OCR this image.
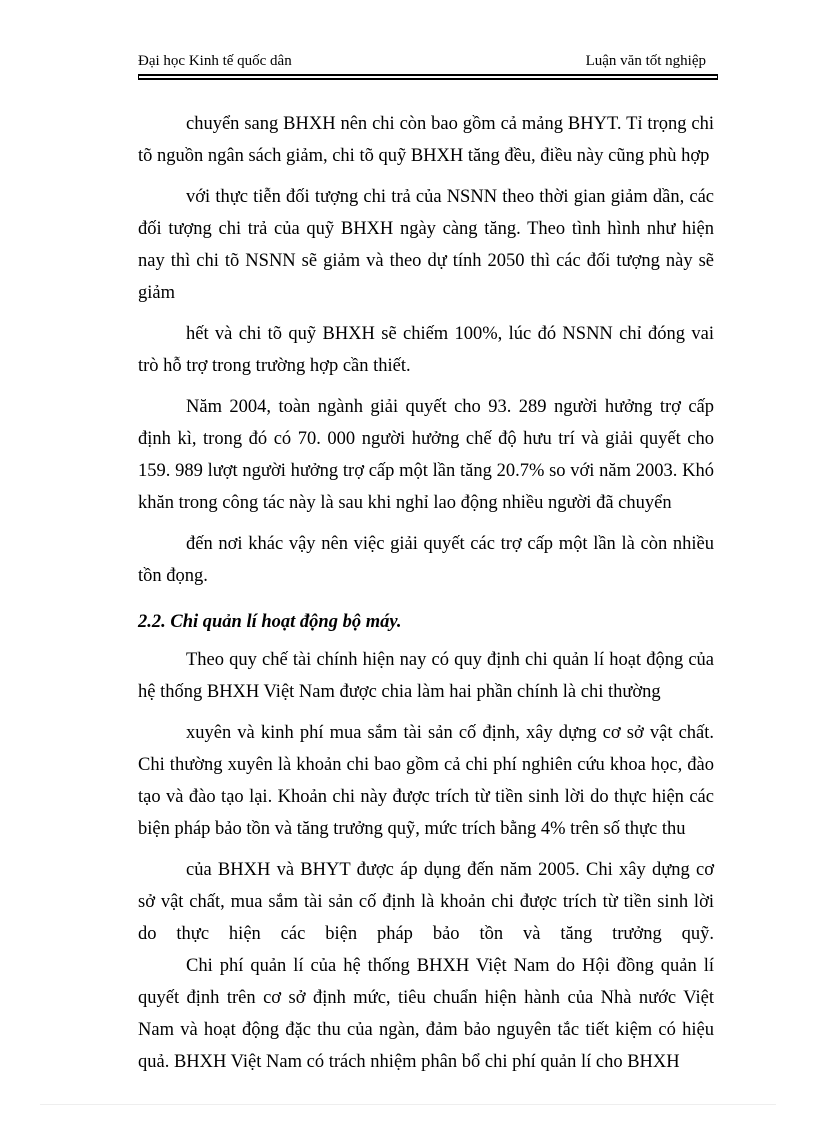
Đại học Kinh tế quốc dân	Luận văn tốt nghiệp

chuyển sang BHXH nên chi còn bao gồm cả mảng BHYT. Tỉ trọng chi tõ nguồn ngân sách giảm, chi tõ quỹ BHXH tăng đều, điều này cũng phù hợp

với thực tiễn đối tượng chi trả của NSNN theo thời gian giảm dần, các đối tượng chi trả của quỹ BHXH ngày càng tăng. Theo tình hình như hiện nay thì chi tõ NSNN sẽ giảm và theo dự tính 2050 thì các đối tượng này sẽ giảm

hết và chi tõ quỹ BHXH sẽ chiếm 100%, lúc đó NSNN chỉ đóng vai trò hỗ trợ trong trường hợp cần thiết.

Năm 2004, toàn ngành giải quyết cho 93. 289 người hưởng trợ cấp định kì, trong đó có 70. 000 người hưởng chế độ hưu trí và giải quyết cho 159. 989 lượt người hưởng trợ cấp một lần tăng 20.7% so với năm 2003. Khó khăn trong công tác này là sau khi nghỉ lao động nhiều người đã chuyển

đến nơi khác vậy nên việc giải quyết các trợ cấp một lần là còn nhiều tồn đọng.

2.2. Chi quản lí hoạt động bộ máy.

Theo quy chế tài chính hiện nay có quy định chi quản lí hoạt động của hệ thống BHXH Việt Nam được chia làm hai phần chính là chi thường

xuyên và kinh phí mua sắm tài sản cố định, xây dựng cơ sở vật chất. Chi thường xuyên là khoản chi bao gồm cả chi phí nghiên cứu khoa học, đào tạo và đào tạo lại. Khoản chi này được trích từ tiền sinh lời do thực hiện các biện pháp bảo tồn và tăng trưởng quỹ, mức trích bằng 4% trên số thực thu

của BHXH và BHYT được áp dụng đến năm 2005. Chi xây dựng cơ sở vật chất, mua sắm tài sản cố định là khoản chi được trích từ tiền sinh lời do thực hiện các biện pháp bảo tồn và tăng trưởng quỹ.

Chi phí quản lí của hệ thống BHXH Việt Nam do Hội đồng quản lí quyết định trên cơ sở định mức, tiêu chuẩn hiện hành của Nhà nước Việt Nam và hoạt động đặc thu của ngàn, đảm bảo nguyên tắc tiết kiệm có hiệu quả. BHXH Việt Nam có trách nhiệm phân bổ chi phí quản lí cho BHXH
